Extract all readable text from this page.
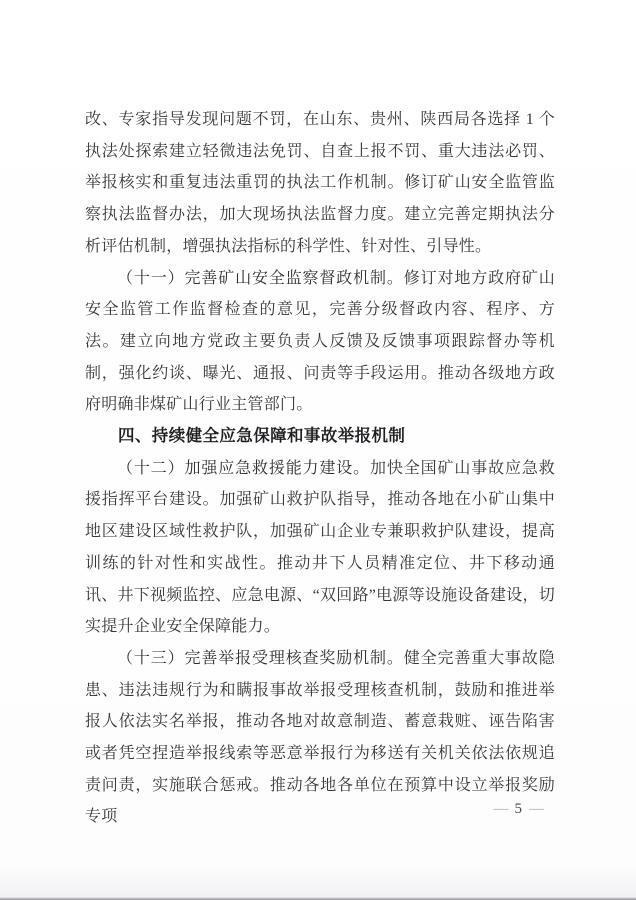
改、专家指导发现问题不罚，在山东、贵州、陕西局各选择 1 个执法处探索建立轻微违法免罚、自查上报不罚、重大违法必罚、举报核实和重复违法重罚的执法工作机制。修订矿山安全监管监察执法监督办法，加大现场执法监督力度。建立完善定期执法分析评估机制，增强执法指标的科学性、针对性、引导性。

（十一）完善矿山安全监察督政机制。修订对地方政府矿山安全监管工作监督检查的意见，完善分级督政内容、程序、方法。建立向地方党政主要负责人反馈及反馈事项跟踪督办等机制，强化约谈、曝光、通报、问责等手段运用。推动各级地方政府明确非煤矿山行业主管部门。

四、持续健全应急保障和事故举报机制

（十二）加强应急救援能力建设。加快全国矿山事故应急救援指挥平台建设。加强矿山救护队指导，推动各地在小矿山集中地区建设区域性救护队，加强矿山企业专兼职救护队建设，提高训练的针对性和实战性。推动井下人员精准定位、井下移动通讯、井下视频监控、应急电源、“双回路”电源等设施设备建设，切实提升企业安全保障能力。

（十三）完善举报受理核查奖励机制。健全完善重大事故隐患、违法违规行为和瞒报事故举报受理核查机制，鼓励和推进举报人依法实名举报，推动各地对故意制造、蓄意栽赃、诬告陷害或者凭空捏造举报线索等恶意举报行为移送有关机关依法依规追责问责，实施联合惩戒。推动各地各单位在预算中设立举报奖励专项	— 5 —
